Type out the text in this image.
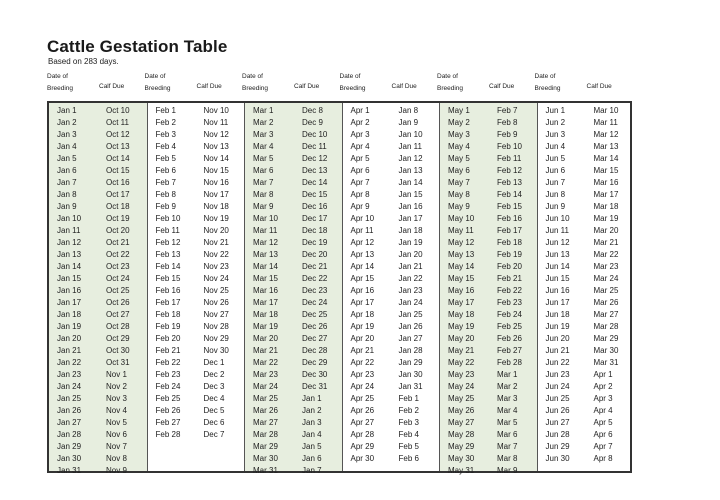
Cattle Gestation Table
Based on 283 days.
Date of Breeding	Calf Due
Date of Breeding	Calf Due
Date of Breeding	Calf Due
Date of Breeding	Calf Due
Date of Breeding	Calf Due
Date of Breeding	Calf Due
Jan 1	Oct 10
Jan 2	Oct 11
Jan 3	Oct 12
Jan 4	Oct 13
Jan 5	Oct 14
Jan 6	Oct 15
Jan 7	Oct 16
Jan 8	Oct 17
Jan 9	Oct 18
Jan 10	Oct 19
Jan 11	Oct 20
Jan 12	Oct 21
Jan 13	Oct 22
Jan 14	Oct 23
Jan 15	Oct 24
Jan 16	Oct 25
Jan 17	Oct 26
Jan 18	Oct 27
Jan 19	Oct 28
Jan 20	Oct 29
Jan 21	Oct 30
Jan 22	Oct 31
Jan 23	Nov 1
Jan 24	Nov 2
Jan 25	Nov 3
Jan 26	Nov 4
Jan 27	Nov 5
Jan 28	Nov 6
Jan 29	Nov 7
Jan 30	Nov 8
Jan 31	Nov 9
Feb 1	Nov 10
Feb 2	Nov 11
Feb 3	Nov 12
Feb 4	Nov 13
Feb 5	Nov 14
Feb 6	Nov 15
Feb 7	Nov 16
Feb 8	Nov 17
Feb 9	Nov 18
Feb 10	Nov 19
Feb 11	Nov 20
Feb 12	Nov 21
Feb 13	Nov 22
Feb 14	Nov 23
Feb 15	Nov 24
Feb 16	Nov 25
Feb 17	Nov 26
Feb 18	Nov 27
Feb 19	Nov 28
Feb 20	Nov 29
Feb 21	Nov 30
Feb 22	Dec 1
Feb 23	Dec 2
Feb 24	Dec 3
Feb 25	Dec 4
Feb 26	Dec 5
Feb 27	Dec 6
Feb 28	Dec 7
Mar 1	Dec 8
Mar 2	Dec 9
Mar 3	Dec 10
Mar 4	Dec 11
Mar 5	Dec 12
Mar 6	Dec 13
Mar 7	Dec 14
Mar 8	Dec 15
Mar 9	Dec 16
Mar 10	Dec 17
Mar 11	Dec 18
Mar 12	Dec 19
Mar 13	Dec 20
Mar 14	Dec 21
Mar 15	Dec 22
Mar 16	Dec 23
Mar 17	Dec 24
Mar 18	Dec 25
Mar 19	Dec 26
Mar 20	Dec 27
Mar 21	Dec 28
Mar 22	Dec 29
Mar 23	Dec 30
Mar 24	Dec 31
Mar 25	Jan 1
Mar 26	Jan 2
Mar 27	Jan 3
Mar 28	Jan 4
Mar 29	Jan 5
Mar 30	Jan 6
Mar 31	Jan 7
Apr 1	Jan 8
Apr 2	Jan 9
Apr 3	Jan 10
Apr 4	Jan 11
Apr 5	Jan 12
Apr 6	Jan 13
Apr 7	Jan 14
Apr 8	Jan 15
Apr 9	Jan 16
Apr 10	Jan 17
Apr 11	Jan 18
Apr 12	Jan 19
Apr 13	Jan 20
Apr 14	Jan 21
Apr 15	Jan 22
Apr 16	Jan 23
Apr 17	Jan 24
Apr 18	Jan 25
Apr 19	Jan 26
Apr 20	Jan 27
Apr 21	Jan 28
Apr 22	Jan 29
Apr 23	Jan 30
Apr 24	Jan 31
Apr 25	Feb 1
Apr 26	Feb 2
Apr 27	Feb 3
Apr 28	Feb 4
Apr 29	Feb 5
Apr 30	Feb 6
May 1	Feb 7
May 2	Feb 8
May 3	Feb 9
May 4	Feb 10
May 5	Feb 11
May 6	Feb 12
May 7	Feb 13
May 8	Feb 14
May 9	Feb 15
May 10	Feb 16
May 11	Feb 17
May 12	Feb 18
May 13	Feb 19
May 14	Feb 20
May 15	Feb 21
May 16	Feb 22
May 17	Feb 23
May 18	Feb 24
May 19	Feb 25
May 20	Feb 26
May 21	Feb 27
May 22	Feb 28
May 23	Mar 1
May 24	Mar 2
May 25	Mar 3
May 26	Mar 4
May 27	Mar 5
May 28	Mar 6
May 29	Mar 7
May 30	Mar 8
May 31	Mar 9
Jun 1	Mar 10
Jun 2	Mar 11
Jun 3	Mar 12
Jun 4	Mar 13
Jun 5	Mar 14
Jun 6	Mar 15
Jun 7	Mar 16
Jun 8	Mar 17
Jun 9	Mar 18
Jun 10	Mar 19
Jun 11	Mar 20
Jun 12	Mar 21
Jun 13	Mar 22
Jun 14	Mar 23
Jun 15	Mar 24
Jun 16	Mar 25
Jun 17	Mar 26
Jun 18	Mar 27
Jun 19	Mar 28
Jun 20	Mar 29
Jun 21	Mar 30
Jun 22	Mar 31
Jun 23	Apr 1
Jun 24	Apr 2
Jun 25	Apr 3
Jun 26	Apr 4
Jun 27	Apr 5
Jun 28	Apr 6
Jun 29	Apr 7
Jun 30	Apr 8
